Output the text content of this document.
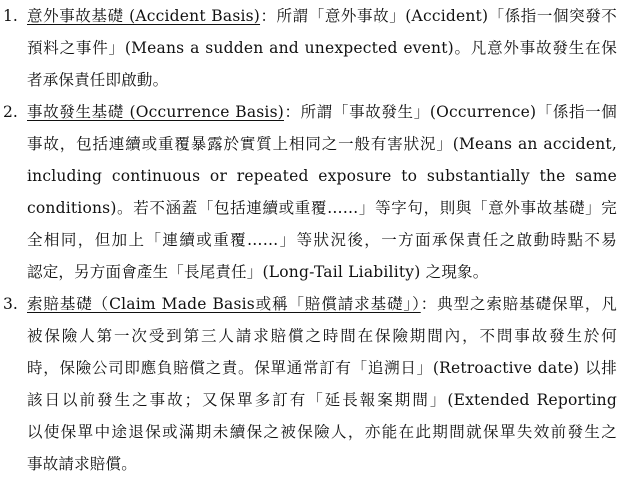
1. 意外事故基礎 (Accident Basis)：所謂「意外事故」(Accident)「係指一個突發不
預料之事件」(Means a sudden and unexpected event)。凡意外事故發生在保
者承保責任即啟動。
2. 事故發生基礎 (Occurrence Basis)：所謂「事故發生」(Occurrence)「係指一個
事故，包括連續或重覆暴露於實質上相同之一般有害狀況」(Means an accident,
including continuous or repeated exposure to substantially the same
conditions)。若不涵蓋「包括連續或重覆……」等字句，則與「意外事故基礎」完
全相同，但加上「連續或重覆……」等狀況後，一方面承保責任之啟動時點不易
認定，另方面會產生「長尾責任」(Long-Tail Liability) 之現象。
3. 索賠基礎（Claim Made Basis或稱「賠償請求基礎」）：典型之索賠基礎保單，凡
被保險人第一次受到第三人請求賠償之時間在保險期間內，不問事故發生於何
時，保險公司即應負賠償之責。保單通常訂有「追溯日」(Retroactive date) 以排
該日以前發生之事故；又保單多訂有「延長報案期間」(Extended Reporting
以使保單中途退保或滿期未續保之被保險人，亦能在此期間就保單失效前發生之
事故請求賠償。
